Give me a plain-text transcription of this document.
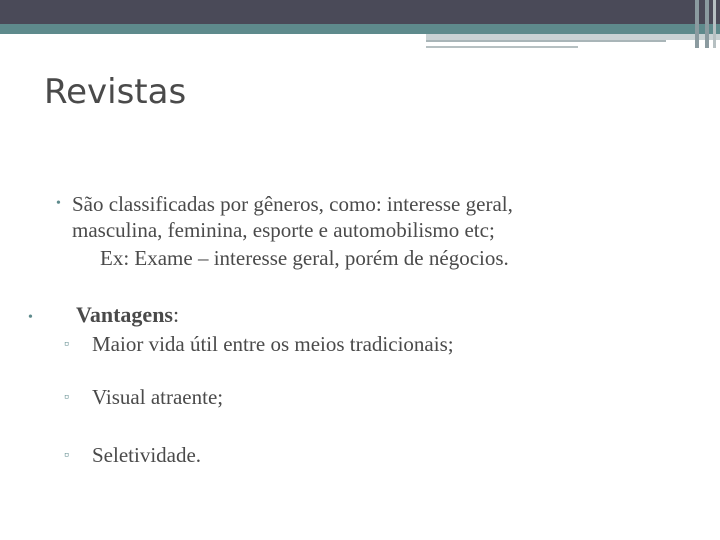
Revistas
• São classificadas por gêneros, como: interesse geral,
masculina, feminina, esporte e automobilismo etc;
Ex: Exame – interesse geral, porém de négocios.
• Vantagens:
▫ Maior vida útil entre os meios tradicionais;
▫ Visual atraente;
▫ Seletividade.
